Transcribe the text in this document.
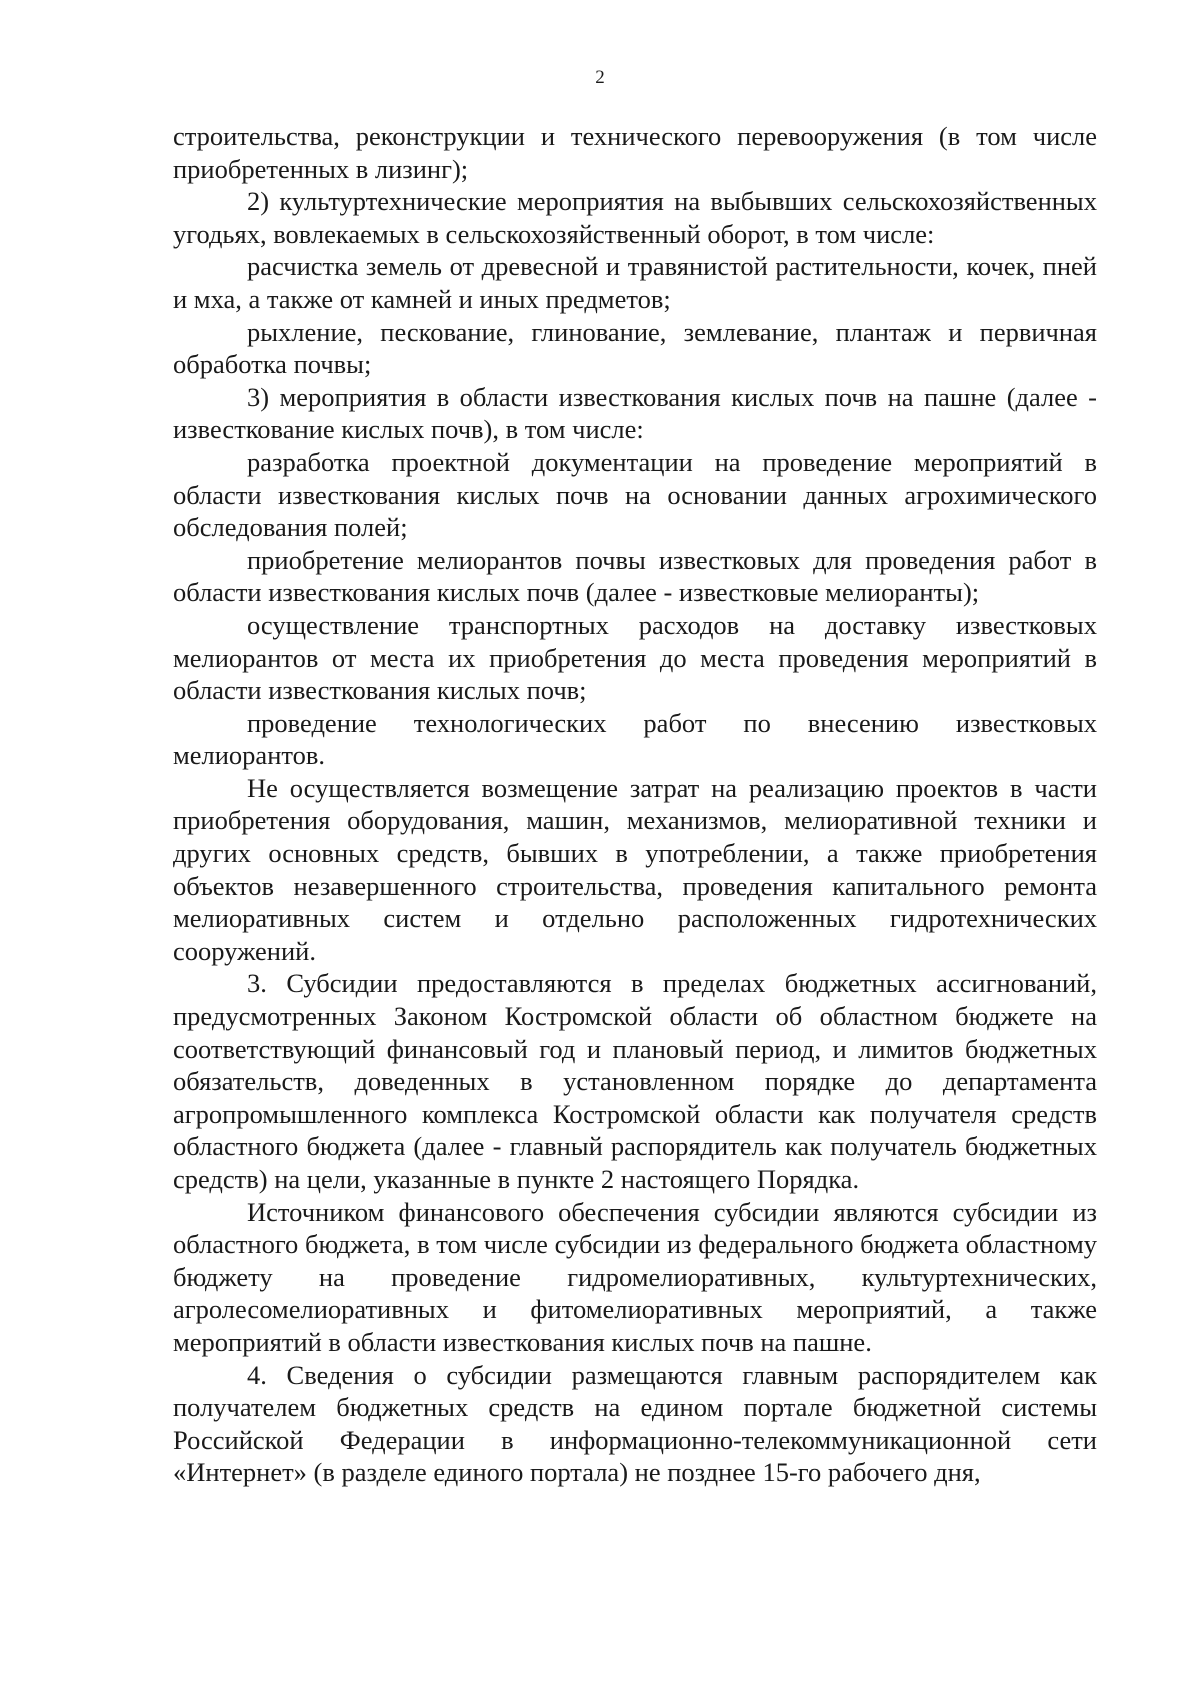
2

строительства, реконструкции и технического перевооружения (в том числе приобретенных в лизинг);

2) культуртехнические мероприятия на выбывших сельскохозяйственных угодьях, вовлекаемых в сельскохозяйственный оборот, в том числе:

расчистка земель от древесной и травянистой растительности, кочек, пней и мха, а также от камней и иных предметов;

рыхление, пескование, глинование, землевание, плантаж и первичная обработка почвы;

3) мероприятия в области известкования кислых почв на пашне (далее - известкование кислых почв), в том числе:

разработка проектной документации на проведение мероприятий в области известкования кислых почв на основании данных агрохимического обследования полей;

приобретение мелиорантов почвы известковых для проведения работ в области известкования кислых почв (далее - известковые мелиоранты);

осуществление транспортных расходов на доставку известковых мелиорантов от места их приобретения до места проведения мероприятий в области известкования кислых почв;

проведение технологических работ по внесению известковых мелиорантов.

Не осуществляется возмещение затрат на реализацию проектов в части приобретения оборудования, машин, механизмов, мелиоративной техники и других основных средств, бывших в употреблении, а также приобретения объектов незавершенного строительства, проведения капитального ремонта мелиоративных систем и отдельно расположенных гидротехнических сооружений.

3. Субсидии предоставляются в пределах бюджетных ассигнований, предусмотренных Законом Костромской области об областном бюджете на соответствующий финансовый год и плановый период, и лимитов бюджетных обязательств, доведенных в установленном порядке до департамента агропромышленного комплекса Костромской области как получателя средств областного бюджета (далее - главный распорядитель как получатель бюджетных средств) на цели, указанные в пункте 2 настоящего Порядка.

Источником финансового обеспечения субсидии являются субсидии из областного бюджета, в том числе субсидии из федерального бюджета областному бюджету на проведение гидромелиоративных, культуртехнических, агролесомелиоративных и фитомелиоративных мероприятий, а также мероприятий в области известкования кислых почв на пашне.

4. Сведения о субсидии размещаются главным распорядителем как получателем бюджетных средств на едином портале бюджетной системы Российской Федерации в информационно-телекоммуникационной сети «Интернет» (в разделе единого портала) не позднее 15-го рабочего дня,
